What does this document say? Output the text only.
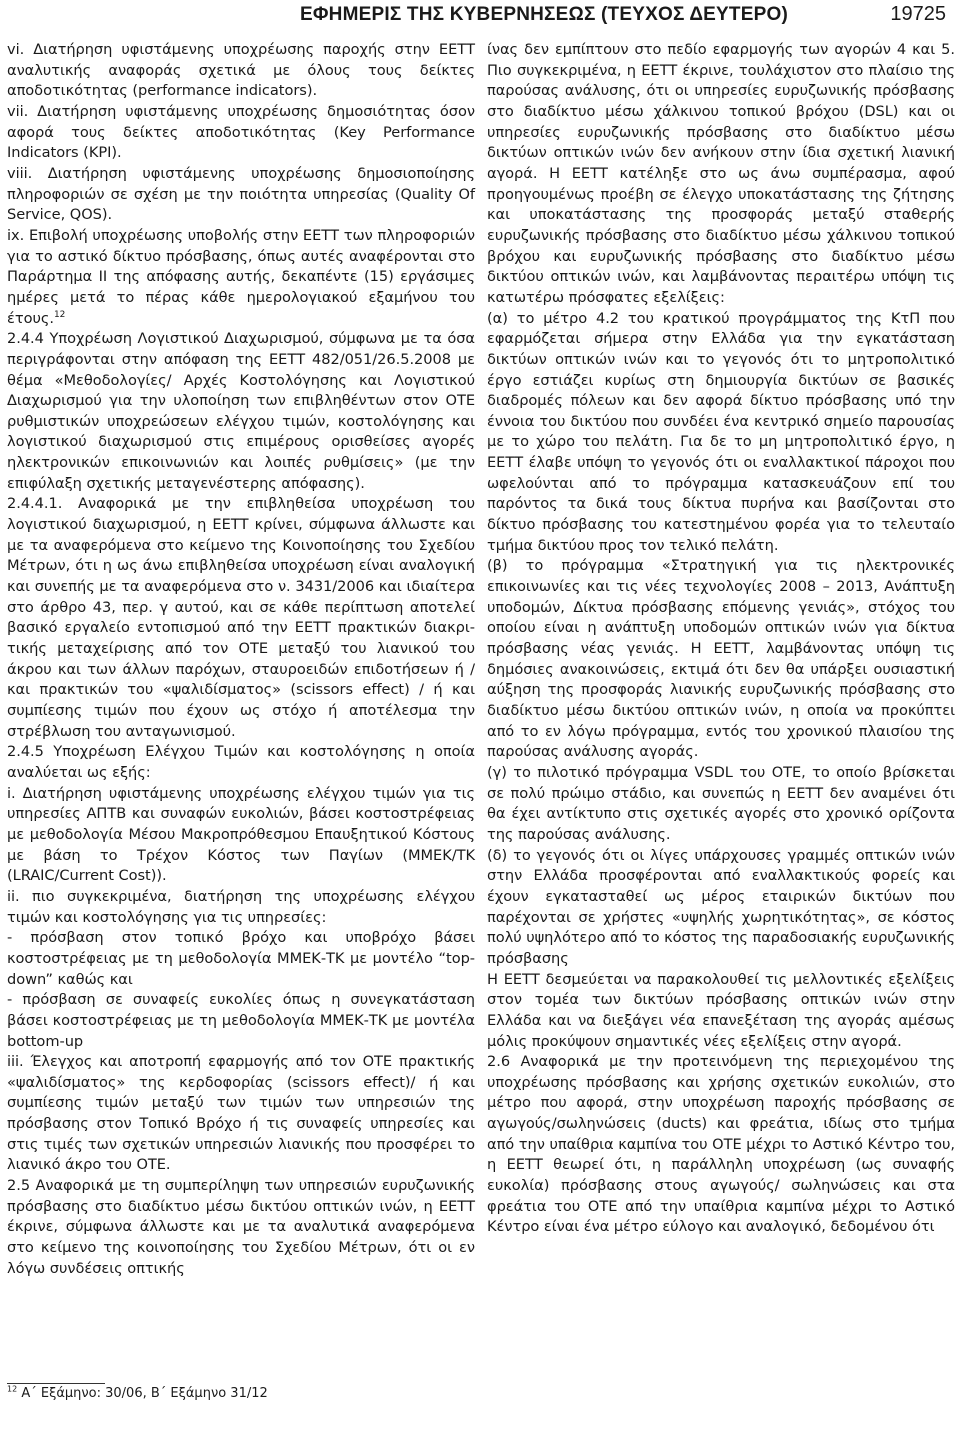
ΕΦΗΜΕΡΙΣ ΤΗΣ ΚΥΒΕΡΝΗΣΕΩΣ (ΤΕΥΧΟΣ ΔΕΥΤΕΡΟ)	19725

vi. Διατήρηση υφιστάμενης υποχρέωσης παροχής στην ΕΕΤΤ αναλυτικής αναφοράς σχετικά με όλους τους δείκτες αποδοτικότητας (performance indicators).

vii. Διατήρηση υφιστάμενης υποχρέωσης δημοσιότητας όσον αφορά τους δείκτες αποδοτικότητας (Key Performance Indicators (KPI).

viii. Διατήρηση υφιστάμενης υποχρέωσης δημοσιοποίησης πληροφοριών σε σχέση με την ποιότητα υπηρεσίας (Quality Of Service, QOS).

ix. Επιβολή υποχρέωσης υποβολής στην ΕΕΤΤ των πληροφοριών για το αστικό δίκτυο πρόσβασης, όπως αυτές αναφέρονται στο Παράρτημα ΙΙ της απόφασης αυτής, δεκαπέντε (15) εργάσιμες ημέρες μετά το πέρας κάθε ημερολογιακού εξαμήνου του έτους.$^{12}$

2.4.4 Υποχρέωση Λογιστικού Διαχωρισμού, σύμφωνα με τα όσα περιγράφονται στην απόφαση της ΕΕΤΤ 482/051/26.5.2008 με θέμα «Μεθοδολογίες/ Αρχές Κοστολόγησης και Λογιστικού Διαχωρισμού για την υλοποίηση των επιβληθέντων στον ΟΤΕ ρυθμιστικών υποχρεώσεων ελέγχου τιμών, κοστολόγησης και λογιστικού διαχωρισμού στις επιμέρους ορισθείσες αγορές ηλεκτρονικών επικοινωνιών και λοιπές ρυθμίσεις» (με την επιφύλαξη σχετικής μεταγενέστερης απόφασης).

2.4.4.1. Αναφορικά με την επιβληθείσα υποχρέωση του λογιστικού διαχωρισμού, η ΕΕΤΤ κρίνει, σύμφωνα άλλωστε και με τα αναφερόμενα στο κείμενο της Κοινοποίησης του Σχεδίου Μέτρων, ότι η ως άνω επιβληθείσα υποχρέωση είναι αναλογική και συνεπής με τα αναφερόμενα στο ν. 3431/2006 και ιδιαίτερα στο άρθρο 43, περ. γ αυτού, και σε κάθε περίπτωση αποτελεί βασικό εργαλείο εντοπισμού από την ΕΕΤΤ πρακτικών διακριτικής μεταχείρισης από τον ΟΤΕ μεταξύ του λιανικού του άκρου και των άλλων παρόχων, σταυροειδών επιδοτήσεων ή / και πρακτικών του «ψαλιδίσματος» (scissors effect) / ή και συμπίεσης τιμών που έχουν ως στόχο ή αποτέλεσμα την στρέβλωση του ανταγωνισμού.

2.4.5 Υποχρέωση Ελέγχου Τιμών και κοστολόγησης η οποία αναλύεται ως εξής:

i. Διατήρηση υφιστάμενης υποχρέωσης ελέγχου τιμών για τις υπηρεσίες ΑΠΤΒ και συναφών ευκολιών, βάσει κοστοστρέφειας με μεθοδολογία Μέσου Μακροπρόθεσμου Επαυξητικού Κόστους με βάση το Τρέχον Κόστος των Παγίων (ΜΜΕΚ/ΤΚ (LRAIC/Current Cost)).

ii. πιο συγκεκριμένα, διατήρηση της υποχρέωσης ελέγχου τιμών και κοστολόγησης για τις υπηρεσίες:

- πρόσβαση στον τοπικό βρόχο και υποβρόχο βάσει κοστοστρέφειας με τη μεθοδολογία ΜΜΕΚ-ΤΚ με μοντέλο “top-down” καθώς και

- πρόσβαση σε συναφείς ευκολίες όπως η συνεγκατάσταση βάσει κοστοστρέφειας με τη μεθοδολογία ΜΜΕΚ-ΤΚ με μοντέλα bottom-up

iii. Έλεγχος και αποτροπή εφαρμογής από τον ΟΤΕ πρακτικής «ψαλιδίσματος» της κερδοφορίας (scissors effect)/ ή και συμπίεσης τιμών μεταξύ των τιμών των υπηρεσιών της πρόσβασης στον Τοπικό Βρόχο ή τις συναφείς υπηρεσίες και στις τιμές των σχετικών υπηρεσιών λιανικής που προσφέρει το λιανικό άκρο του ΟΤΕ.

2.5 Αναφορικά με τη συμπερίληψη των υπηρεσιών ευρυζωνικής πρόσβασης στο διαδίκτυο μέσω δικτύου οπτικών ινών, η ΕΕΤΤ έκρινε, σύμφωνα άλλωστε και με τα αναλυτικά αναφερόμενα στο κείμενο της κοινοποίησης του Σχεδίου Μέτρων, ότι οι εν λόγω συνδέσεις οπτικής

ίνας δεν εμπίπτουν στο πεδίο εφαρμογής των αγορών 4 και 5. Πιο συγκεκριμένα, η ΕΕΤΤ έκρινε, τουλάχιστον στο πλαίσιο της παρούσας ανάλυσης, ότι οι υπηρεσίες ευρυζωνικής πρόσβασης στο διαδίκτυο μέσω χάλκινου τοπικού βρόχου (DSL) και οι υπηρεσίες ευρυζωνικής πρόσβασης στο διαδίκτυο μέσω δικτύων οπτικών ινών δεν ανήκουν στην ίδια σχετική λιανική αγορά. Η ΕΕΤΤ κατέληξε στο ως άνω συμπέρασμα, αφού προηγουμένως προέβη σε έλεγχο υποκατάστασης της ζήτησης και υποκατάστασης της προσφοράς μεταξύ σταθερής ευρυζωνικής πρόσβασης στο διαδίκτυο μέσω χάλκινου τοπικού βρόχου και ευρυζωνικής πρόσβασης στο διαδίκτυο μέσω δικτύου οπτικών ινών, και λαμβάνοντας περαιτέρω υπόψη τις κατωτέρω πρόσφατες εξελίξεις:

(α) το μέτρο 4.2 του κρατικού προγράμματος της ΚτΠ που εφαρμόζεται σήμερα στην Ελλάδα για την εγκατάσταση δικτύων οπτικών ινών και το γεγονός ότι το μητροπολιτικό έργο εστιάζει κυρίως στη δημιουργία δικτύων σε βασικές διαδρομές πόλεων και δεν αφορά δίκτυο πρόσβασης υπό την έννοια του δικτύου που συνδέει ένα κεντρικό σημείο παρουσίας με το χώρο του πελάτη. Για δε το μη μητροπολιτικό έργο, η ΕΕΤΤ έλαβε υπόψη το γεγονός ότι οι εναλλακτικοί πάροχοι που ωφελούνται από το πρόγραμμα κατασκευάζουν επί του παρόντος τα δικά τους δίκτυα πυρήνα και βασίζονται στο δίκτυο πρόσβασης του κατεστημένου φορέα για το τελευταίο τμήμα δικτύου προς τον τελικό πελάτη.

(β) το πρόγραμμα «Στρατηγική για τις ηλεκτρονικές επικοινωνίες και τις νέες τεχνολογίες 2008 – 2013, Ανάπτυξη υποδομών, Δίκτυα πρόσβασης επόμενης γενιάς», στόχος του οποίου είναι η ανάπτυξη υποδομών οπτικών ινών για δίκτυα πρόσβασης νέας γενιάς. Η ΕΕΤΤ, λαμβάνοντας υπόψη τις δημόσιες ανακοινώσεις, εκτιμά ότι δεν θα υπάρξει ουσιαστική αύξηση της προσφοράς λιανικής ευρυζωνικής πρόσβασης στο διαδίκτυο μέσω δικτύου οπτικών ινών, η οποία να προκύπτει από το εν λόγω πρόγραμμα, εντός του χρονικού πλαισίου της παρούσας ανάλυσης αγοράς.

(γ) το πιλοτικό πρόγραμμα VSDL του ΟΤΕ, το οποίο βρίσκεται σε πολύ πρώιμο στάδιο, και συνεπώς η ΕΕΤΤ δεν αναμένει ότι θα έχει αντίκτυπο στις σχετικές αγορές στο χρονικό ορίζοντα της παρούσας ανάλυσης.

(δ) το γεγονός ότι οι λίγες υπάρχουσες γραμμές οπτικών ινών στην Ελλάδα προσφέρονται από εναλλακτικούς φορείς και έχουν εγκατασταθεί ως μέρος εταιρικών δικτύων που παρέχονται σε χρήστες «υψηλής χωρητικότητας», σε κόστος πολύ υψηλότερο από το κόστος της παραδοσιακής ευρυζωνικής πρόσβασης

Η ΕΕΤΤ δεσμεύεται να παρακολουθεί τις μελλοντικές εξελίξεις στον τομέα των δικτύων πρόσβασης οπτικών ινών στην Ελλάδα και να διεξάγει νέα επανεξέταση της αγοράς αμέσως μόλις προκύψουν σημαντικές νέες εξελίξεις στην αγορά.

2.6 Αναφορικά με την προτεινόμενη της περιεχομένου της υποχρέωσης πρόσβασης και χρήσης σχετικών ευκολιών, στο μέτρο που αφορά, στην υποχρέωση παροχής πρόσβασης σε αγωγούς/σωληνώσεις (ducts) και φρεάτια, ιδίως στο τμήμα από την υπαίθρια καμπίνα του ΟΤΕ μέχρι το Αστικό Κέντρο του, η ΕΕΤΤ θεωρεί ότι, η παράλληλη υποχρέωση (ως συναφής ευκολία) πρόσβασης στους αγωγούς/ σωληνώσεις και στα φρεάτια του ΟΤΕ από την υπαίθρια καμπίνα μέχρι το Αστικό Κέντρο είναι ένα μέτρο εύλογο και αναλογικό, δεδομένου ότι

$^{12}$ Α΄ Εξάμηνο: 30/06, Β΄ Εξάμηνο 31/12
